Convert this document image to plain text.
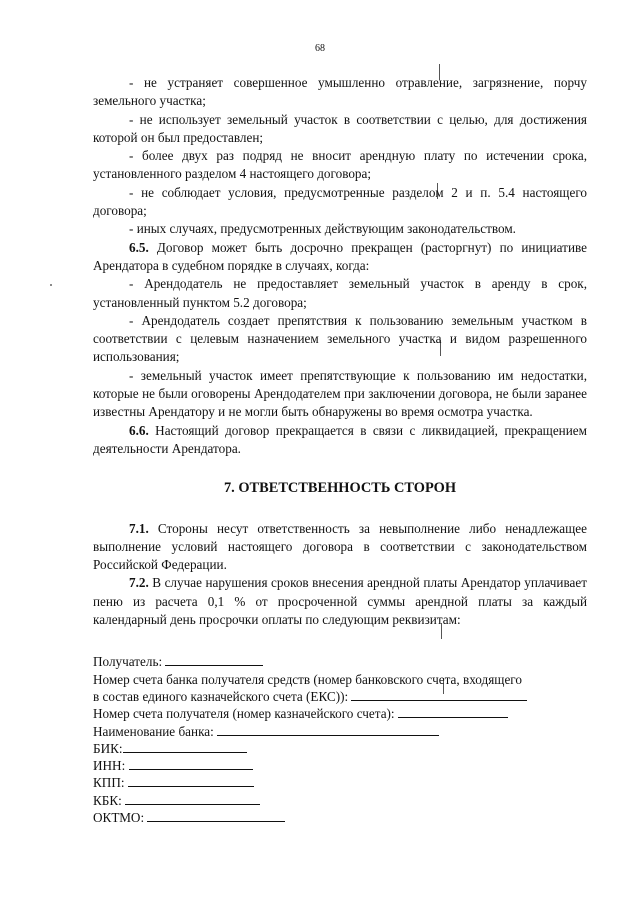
68

- не устраняет совершенное умышленно отравление, загрязнение, порчу земельного участка;

- не использует земельный участок в соответствии с целью, для достижения которой он был предоставлен;

- более двух раз подряд не вносит арендную плату по истечении срока, установленного разделом 4 настоящего договора;

- не соблюдает условия, предусмотренные разделом 2 и п. 5.4 настоящего договора;

- иных случаях, предусмотренных действующим законодательством.

6.5. Договор может быть досрочно прекращен (расторгнут) по инициативе Арендатора в судебном порядке в случаях, когда:

- Арендодатель не предоставляет земельный участок в аренду в срок, установленный пунктом 5.2 договора;

- Арендодатель создает препятствия к пользованию земельным участком в соответствии с целевым назначением земельного участка и видом разрешенного использования;

- земельный участок имеет препятствующие к пользованию им недостатки, которые не были оговорены Арендодателем при заключении договора, не были заранее известны Арендатору и не могли быть обнаружены во время осмотра участка.

6.6. Настоящий договор прекращается в связи с ликвидацией, прекращением деятельности Арендатора.

7. ОТВЕТСТВЕННОСТЬ СТОРОН

7.1. Стороны несут ответственность за невыполнение либо ненадлежащее выполнение условий настоящего договора в соответствии с законодательством Российской Федерации.

7.2. В случае нарушения сроков внесения арендной платы Арендатор уплачивает пеню из расчета 0,1 % от просроченной суммы арендной платы за каждый календарный день просрочки оплаты по следующим реквизитам:

Получатель:
Номер счета банка получателя средств (номер банковского счета, входящего
в состав единого казначейского счета (ЕКС)):
Номер счета получателя (номер казначейского счета):
Наименование банка:
БИК:
ИНН:
КПП:
КБК:
ОКТМО:
